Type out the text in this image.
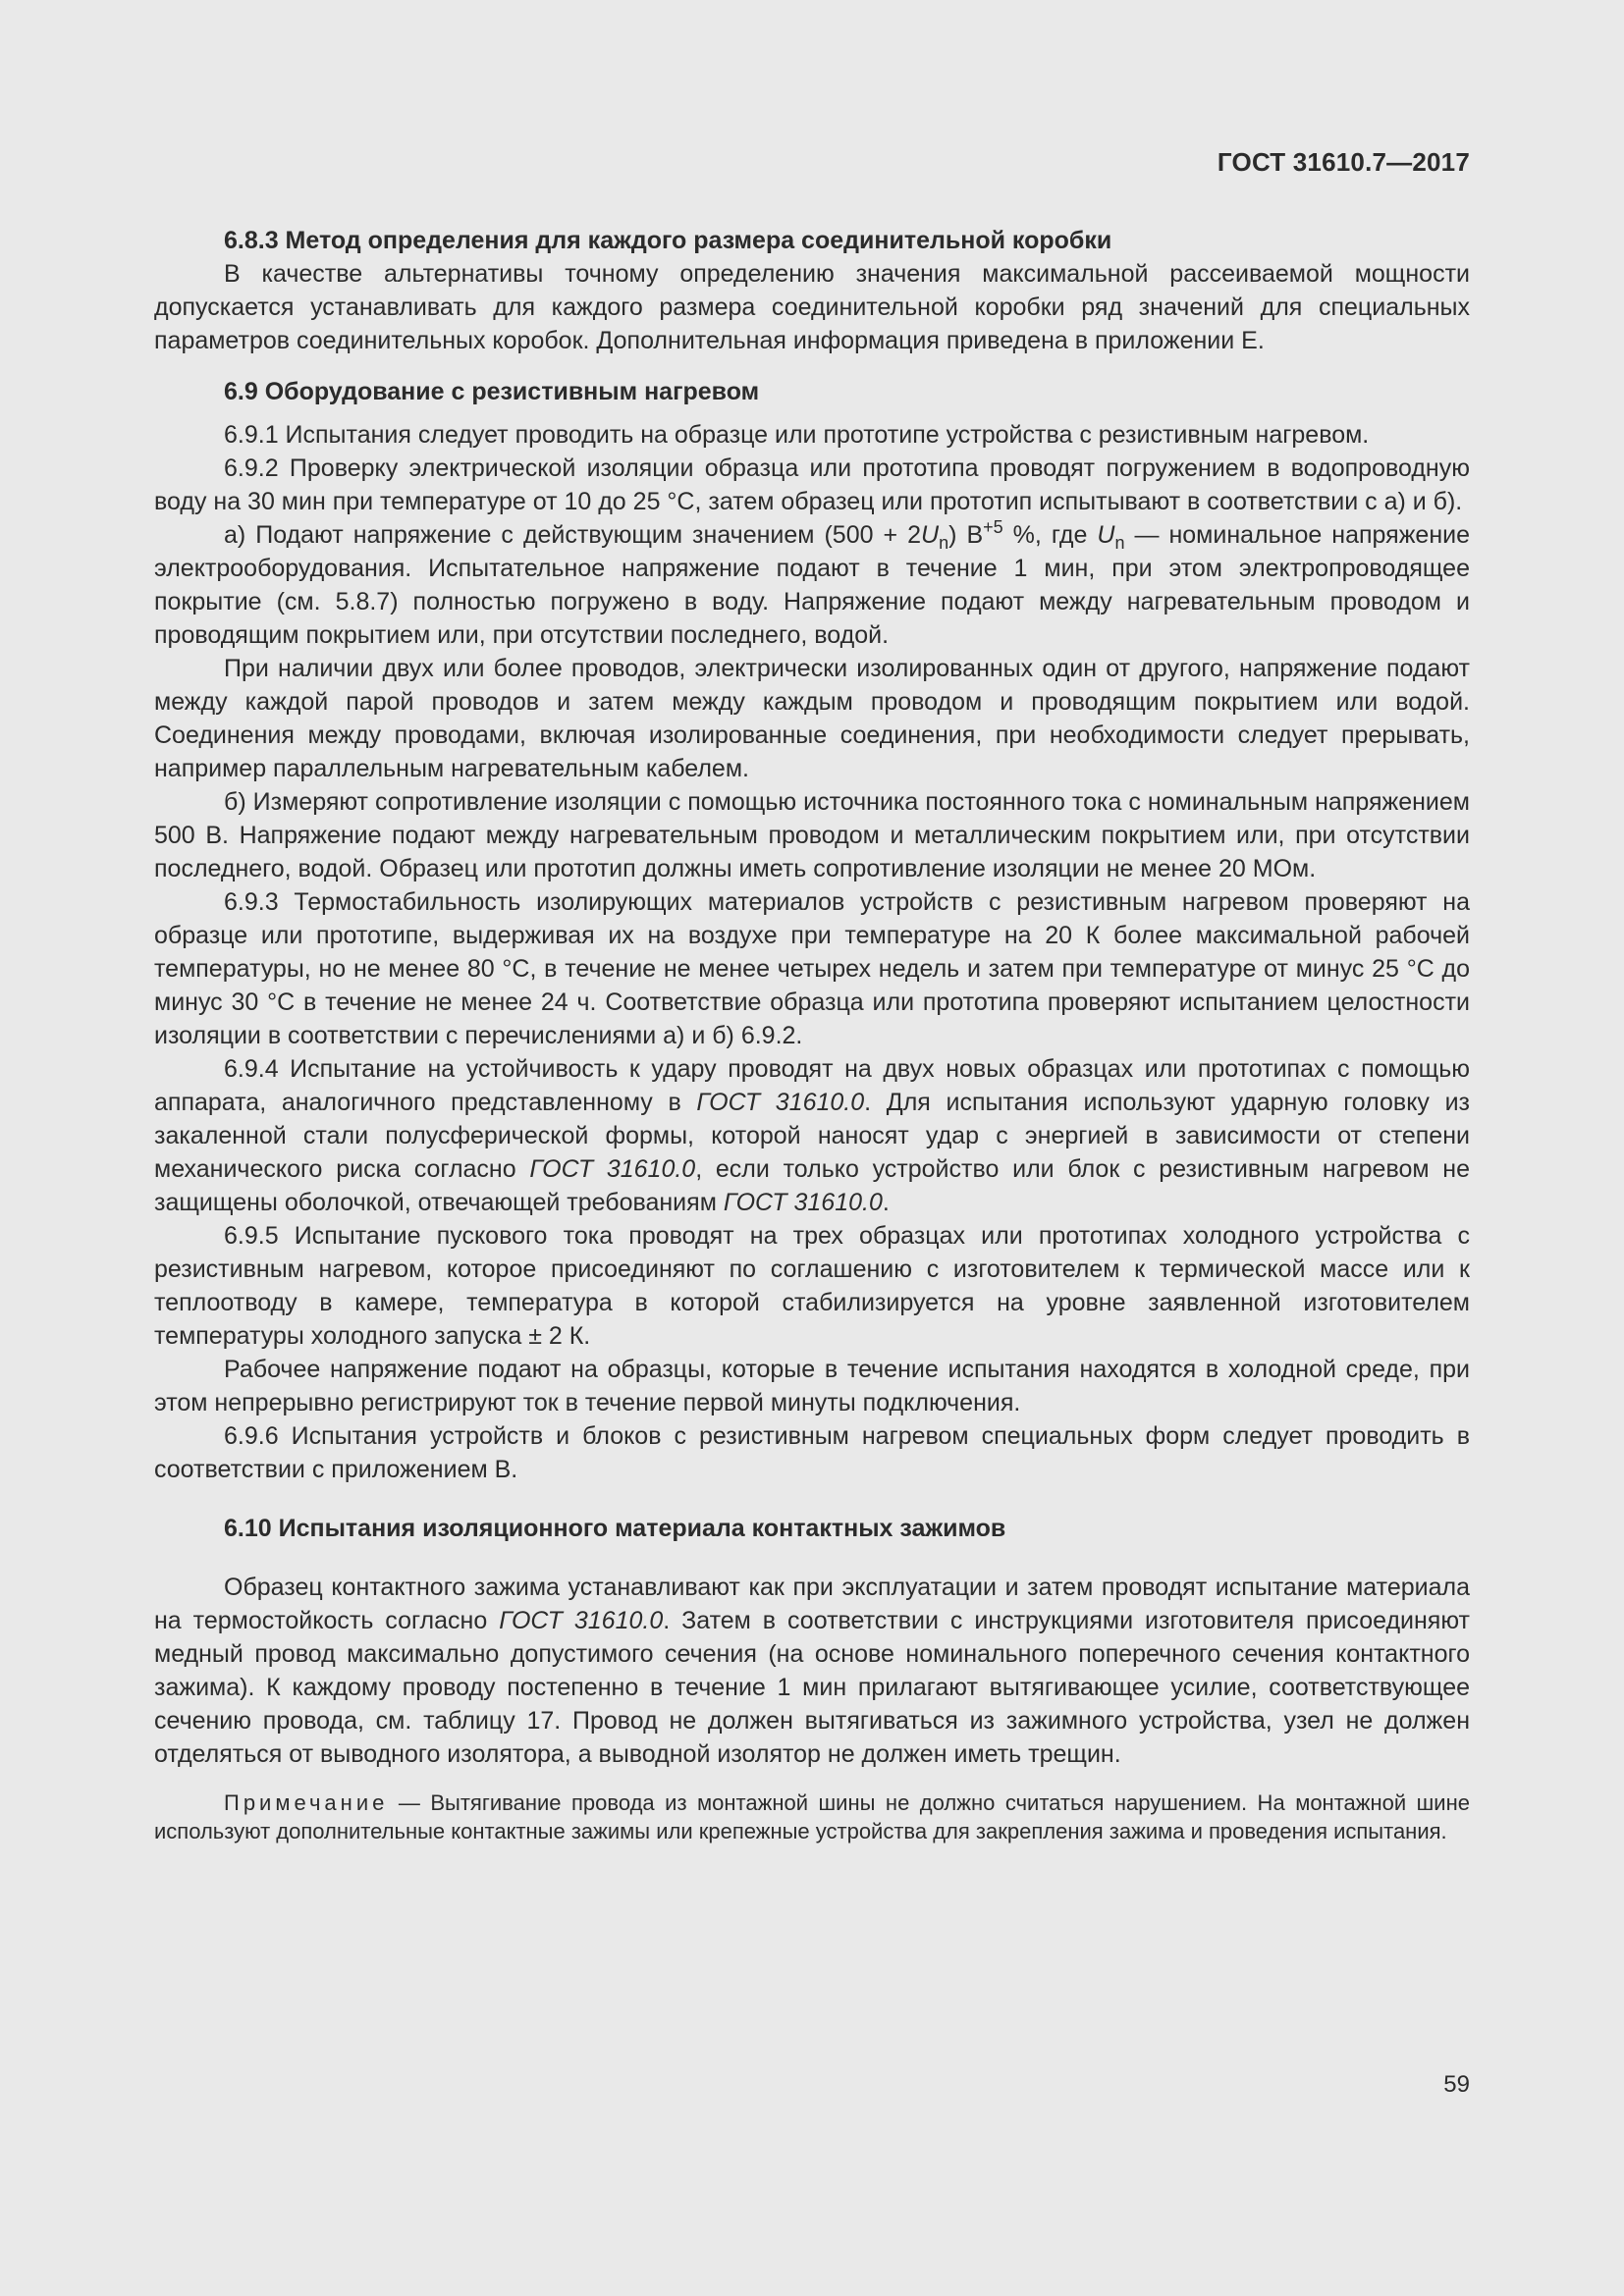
ГОСТ 31610.7—2017
6.8.3 Метод определения для каждого размера соединительной коробки

В качестве альтернативы точному определению значения максимальной рассеиваемой мощности допускается устанавливать для каждого размера соединительной коробки ряд значений для специальных параметров соединительных коробок. Дополнительная информация приведена в приложении Е.

6.9 Оборудование с резистивным нагревом

6.9.1 Испытания следует проводить на образце или прототипе устройства с резистивным нагревом.

6.9.2 Проверку электрической изоляции образца или прототипа проводят погружением в водопроводную воду на 30 мин при температуре от 10 до 25 °C, затем образец или прототип испытывают в соответствии с а) и б).

а) Подают напряжение с действующим значением $(500 + 2U_n)$ $В^{+5}$ %, где $U_n$ — номинальное напряжение электрооборудования. Испытательное напряжение подают в течение 1 мин, при этом электропроводящее покрытие (см. 5.8.7) полностью погружено в воду. Напряжение подают между нагревательным проводом и проводящим покрытием или, при отсутствии последнего, водой.

При наличии двух или более проводов, электрически изолированных один от другого, напряжение подают между каждой парой проводов и затем между каждым проводом и проводящим покрытием или водой. Соединения между проводами, включая изолированные соединения, при необходимости следует прерывать, например параллельным нагревательным кабелем.

б) Измеряют сопротивление изоляции с помощью источника постоянного тока с номинальным напряжением 500 В. Напряжение подают между нагревательным проводом и металлическим покрытием или, при отсутствии последнего, водой. Образец или прототип должны иметь сопротивление изоляции не менее 20 МОм.

6.9.3 Термостабильность изолирующих материалов устройств с резистивным нагревом проверяют на образце или прототипе, выдерживая их на воздухе при температуре на 20 К более максимальной рабочей температуры, но не менее 80 °С, в течение не менее четырех недель и затем при температуре от минус 25 °С до минус 30 °С в течение не менее 24 ч. Соответствие образца или прототипа проверяют испытанием целостности изоляции в соответствии с перечислениями а) и б) 6.9.2.

6.9.4 Испытание на устойчивость к удару проводят на двух новых образцах или прототипах с помощью аппарата, аналогичного представленному в ГОСТ 31610.0. Для испытания используют ударную головку из закаленной стали полусферической формы, которой наносят удар с энергией в зависимости от степени механического риска согласно ГОСТ 31610.0, если только устройство или блок с резистивным нагревом не защищены оболочкой, отвечающей требованиям ГОСТ 31610.0.

6.9.5 Испытание пускового тока проводят на трех образцах или прототипах холодного устройства с резистивным нагревом, которое присоединяют по соглашению с изготовителем к термической массе или к теплоотводу в камере, температура в которой стабилизируется на уровне заявленной изготовителем температуры холодного запуска ± 2 К.

Рабочее напряжение подают на образцы, которые в течение испытания находятся в холодной среде, при этом непрерывно регистрируют ток в течение первой минуты подключения.

6.9.6 Испытания устройств и блоков с резистивным нагревом специальных форм следует проводить в соответствии с приложением В.

6.10 Испытания изоляционного материала контактных зажимов

Образец контактного зажима устанавливают как при эксплуатации и затем проводят испытание материала на термостойкость согласно ГОСТ 31610.0. Затем в соответствии с инструкциями изготовителя присоединяют медный провод максимально допустимого сечения (на основе номинального поперечного сечения контактного зажима). К каждому проводу постепенно в течение 1 мин прилагают вытягивающее усилие, соответствующее сечению провода, см. таблицу 17. Провод не должен вытягиваться из зажимного устройства, узел не должен отделяться от выводного изолятора, а выводной изолятор не должен иметь трещин.

Примечание — Вытягивание провода из монтажной шины не должно считаться нарушением. На монтажной шине используют дополнительные контактные зажимы или крепежные устройства для закрепления зажима и проведения испытания.

59
